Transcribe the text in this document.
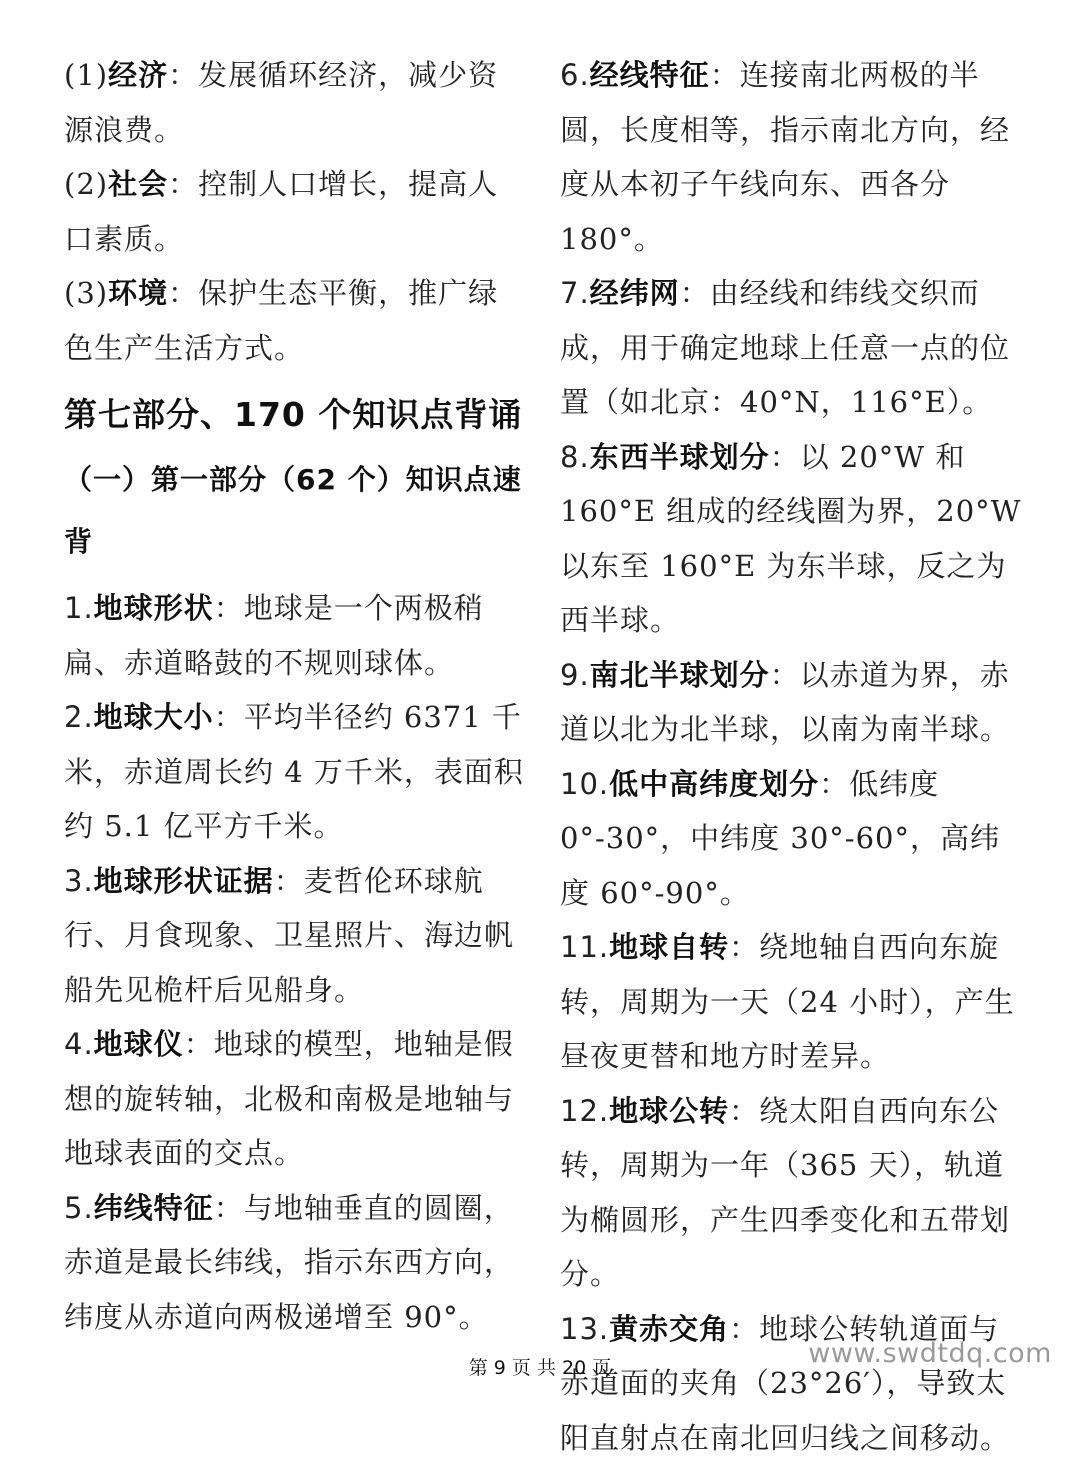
(1)经济：发展循环经济，减少资源浪费。

(2)社会：控制人口增长，提高人口素质。

(3)环境：保护生态平衡，推广绿色生产生活方式。

第七部分、170 个知识点背诵
（一）第一部分（62 个）知识点速背

1.地球形状：地球是一个两极稍扁、赤道略鼓的不规则球体。

2.地球大小：平均半径约 6371 千米，赤道周长约 4 万千米，表面积约 5.1 亿平方千米。

3.地球形状证据：麦哲伦环球航行、月食现象、卫星照片、海边帆船先见桅杆后见船身。

4.地球仪：地球的模型，地轴是假想的旋转轴，北极和南极是地轴与地球表面的交点。

5.纬线特征：与地轴垂直的圆圈，赤道是最长纬线，指示东西方向，纬度从赤道向两极递增至 90°。

6.经线特征：连接南北两极的半圆，长度相等，指示南北方向，经度从本初子午线向东、西各分 180°。

7.经纬网：由经线和纬线交织而成，用于确定地球上任意一点的位置（如北京：40°N，116°E）。

8.东西半球划分：以 20°W 和 160°E 组成的经线圈为界，20°W 以东至 160°E 为东半球，反之为西半球。

9.南北半球划分：以赤道为界，赤道以北为北半球，以南为南半球。

10.低中高纬度划分：低纬度 0°-30°，中纬度 30°-60°，高纬度 60°-90°。

11.地球自转：绕地轴自西向东旋转，周期为一天（24 小时），产生昼夜更替和地方时差异。

12.地球公转：绕太阳自西向东公转，周期为一年（365 天），轨道为椭圆形，产生四季变化和五带划分。

13.黄赤交角：地球公转轨道面与赤道面的夹角（23°26′），导致太阳直射点在南北回归线之间移动。

第 9 页 共 20 页	www.swdtdq.com
